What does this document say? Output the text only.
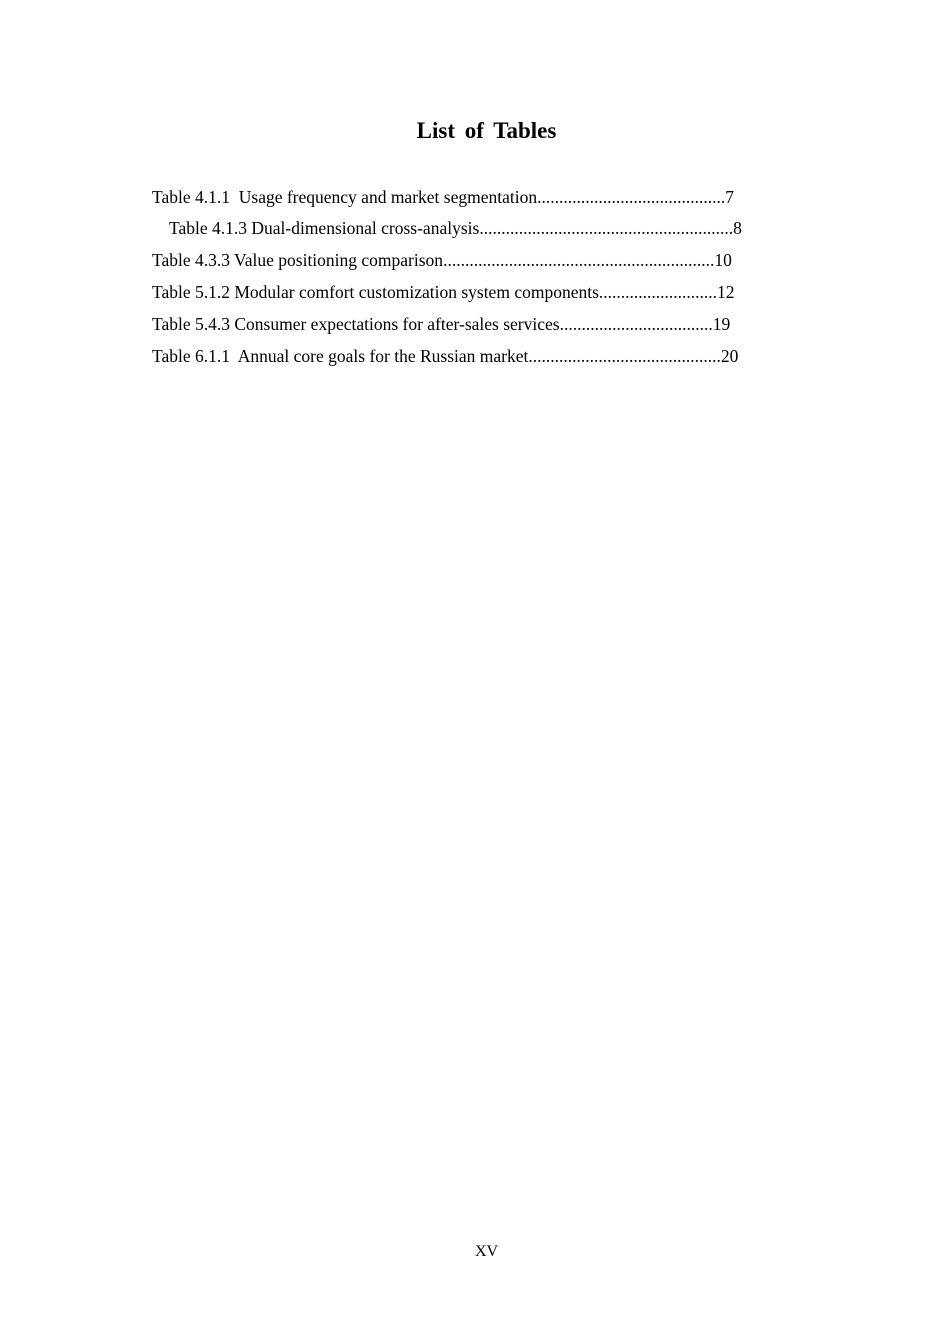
List of Tables
Table 4.1.1  Usage frequency and market segmentation...........................................7
Table 4.1.3 Dual-dimensional cross-analysis..........................................................8
Table 4.3.3 Value positioning comparison..............................................................10
Table 5.1.2 Modular comfort customization system components...........................12
Table 5.4.3 Consumer expectations for after-sales services...................................19
Table 6.1.1  Annual core goals for the Russian market............................................20
XV
